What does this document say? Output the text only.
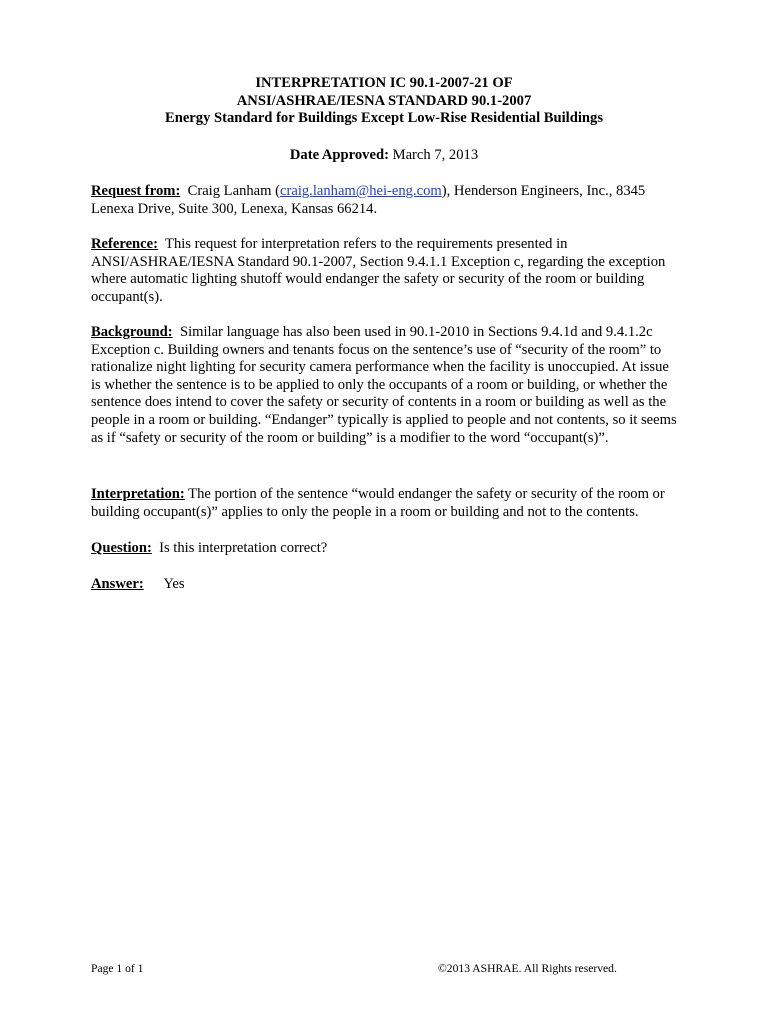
INTERPRETATION IC 90.1-2007-21 OF
ANSI/ASHRAE/IESNA STANDARD 90.1-2007
Energy Standard for Buildings Except Low-Rise Residential Buildings
Date Approved: March 7, 2013
Request from: Craig Lanham (craig.lanham@hei-eng.com), Henderson Engineers, Inc., 8345 Lenexa Drive, Suite 300, Lenexa, Kansas 66214.
Reference: This request for interpretation refers to the requirements presented in ANSI/ASHRAE/IESNA Standard 90.1-2007, Section 9.4.1.1 Exception c, regarding the exception where automatic lighting shutoff would endanger the safety or security of the room or building occupant(s).
Background: Similar language has also been used in 90.1-2010 in Sections 9.4.1d and 9.4.1.2c Exception c. Building owners and tenants focus on the sentence’s use of “security of the room” to rationalize night lighting for security camera performance when the facility is unoccupied. At issue is whether the sentence is to be applied to only the occupants of a room or building, or whether the sentence does intend to cover the safety or security of contents in a room or building as well as the people in a room or building. “Endanger” typically is applied to people and not contents, so it seems as if “safety or security of the room or building” is a modifier to the word “occupant(s)”.
Interpretation: The portion of the sentence “would endanger the safety or security of the room or building occupant(s)” applies to only the people in a room or building and not to the contents.
Question: Is this interpretation correct?
Answer: Yes
Page 1 of 1	©2013 ASHRAE. All Rights reserved.
